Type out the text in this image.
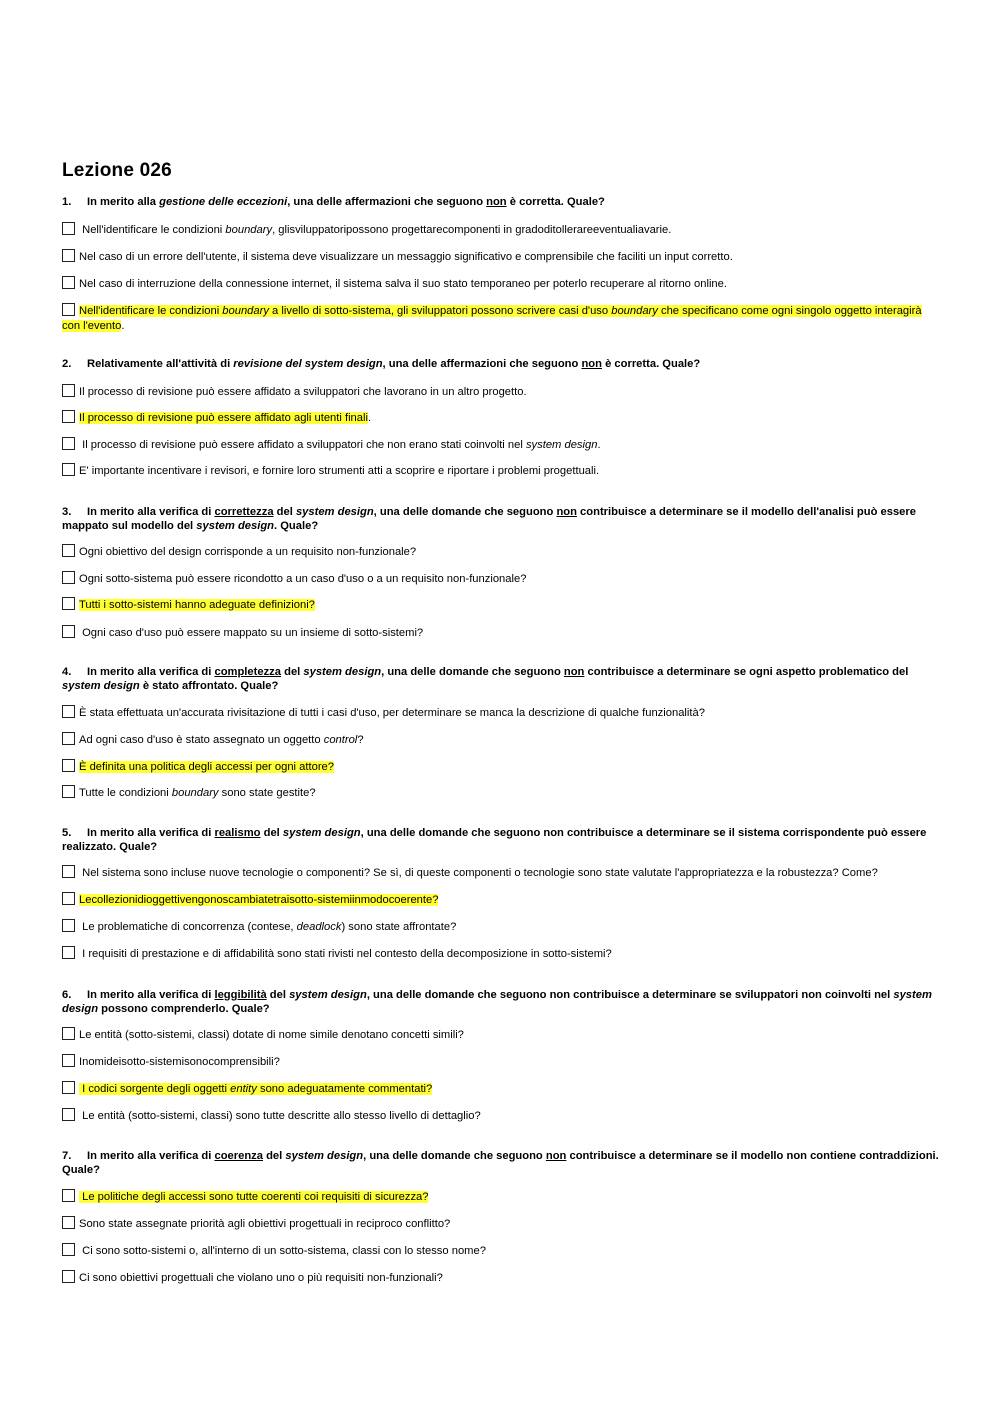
Lezione 026
1. In merito alla gestione delle eccezioni, una delle affermazioni che seguono non è corretta. Quale?
Nell'identificare le condizioni boundary, glisviluppatoripossono progettarecomponenti in gradoditollerareeventualiavarie.
Nel caso di un errore dell'utente, il sistema deve visualizzare un messaggio significativo e comprensibile che faciliti un input corretto.
Nel caso di interruzione della connessione internet, il sistema salva il suo stato temporaneo per poterlo recuperare al ritorno online.
Nell'identificare le condizioni boundary a livello di sotto-sistema, gli sviluppatori possono scrivere casi d'uso boundary che specificano come ogni singolo oggetto interagirà con l'evento.
2. Relativamente all'attività di revisione del system design, una delle affermazioni che seguono non è corretta. Quale?
Il processo di revisione può essere affidato a sviluppatori che lavorano in un altro progetto.
Il processo di revisione può essere affidato agli utenti finali.
Il processo di revisione può essere affidato a sviluppatori che non erano stati coinvolti nel system design.
E' importante incentivare i revisori, e fornire loro strumenti atti a scoprire e riportare i problemi progettuali.
3. In merito alla verifica di correttezza del system design, una delle domande che seguono non contribuisce a determinare se il modello dell'analisi può essere mappato sul modello del system design. Quale?
Ogni obiettivo del design corrisponde a un requisito non-funzionale?
Ogni sotto-sistema può essere ricondotto a un caso d'uso o a un requisito non-funzionale?
Tutti i sotto-sistemi hanno adeguate definizioni?
Ogni caso d'uso può essere mappato su un insieme di sotto-sistemi?
4. In merito alla verifica di completezza del system design, una delle domande che seguono non contribuisce a determinare se ogni aspetto problematico del system design è stato affrontato. Quale?
È stata effettuata un'accurata rivisitazione di tutti i casi d'uso, per determinare se manca la descrizione di qualche funzionalità?
Ad ogni caso d'uso è stato assegnato un oggetto control?
È definita una politica degli accessi per ogni attore?
Tutte le condizioni boundary sono state gestite?
5. In merito alla verifica di realismo del system design, una delle domande che seguono non contribuisce a determinare se il sistema corrispondente può essere realizzato. Quale?
Nel sistema sono incluse nuove tecnologie o componenti? Se sì, di queste componenti o tecnologie sono state valutate l'appropriatezza e la robustezza? Come?
Lecollezionidioggettivengonoscambiatetraisotto-sistemiinmodocoerente?
Le problematiche di concorrenza (contese, deadlock) sono state affrontate?
I requisiti di prestazione e di affidabilità sono stati rivisti nel contesto della decomposizione in sotto-sistemi?
6. In merito alla verifica di leggibilità del system design, una delle domande che seguono non contribuisce a determinare se sviluppatori non coinvolti nel system design possono comprenderlo. Quale?
Le entità (sotto-sistemi, classi) dotate di nome simile denotano concetti simili?
Inomideisotto-sistemisonocomprensibili?
I codici sorgente degli oggetti entity sono adeguatamente commentati?
Le entità (sotto-sistemi, classi) sono tutte descritte allo stesso livello di dettaglio?
7. In merito alla verifica di coerenza del system design, una delle domande che seguono non contribuisce a determinare se il modello non contiene contraddizioni. Quale?
Le politiche degli accessi sono tutte coerenti coi requisiti di sicurezza?
Sono state assegnate priorità agli obiettivi progettuali in reciproco conflitto?
Ci sono sotto-sistemi o, all'interno di un sotto-sistema, classi con lo stesso nome?
Ci sono obiettivi progettuali che violano uno o più requisiti non-funzionali?
